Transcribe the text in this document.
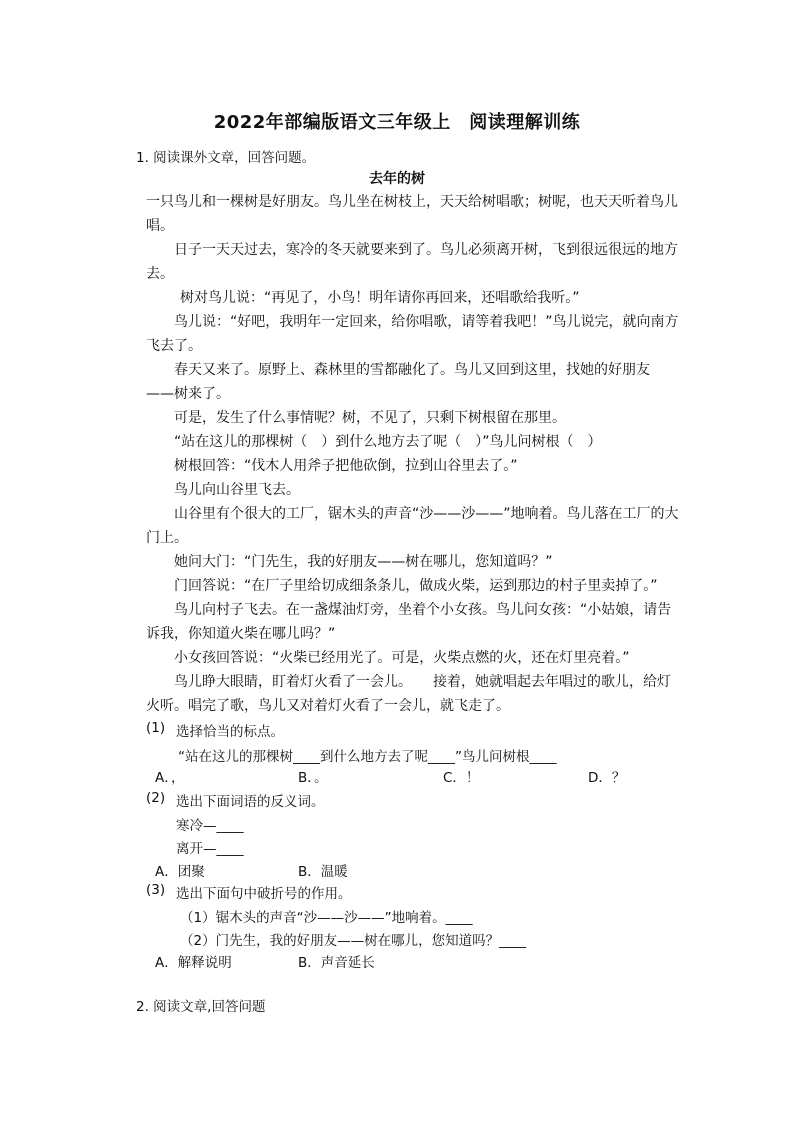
2022年部编版语文三年级上　阅读理解训练
1. 阅读课外文章，回答问题。
去年的树
一只鸟儿和一棵树是好朋友。鸟儿坐在树枝上，天天给树唱歌；树呢，也天天听着鸟儿
唱。
日子一天天过去，寒冷的冬天就要来到了。鸟儿必须离开树，飞到很远很远的地方
去。
树对鸟儿说：“再见了，小鸟！明年请你再回来，还唱歌给我听。”
鸟儿说：“好吧，我明年一定回来，给你唱歌，请等着我吧！”鸟儿说完，就向南方
飞去了。
春天又来了。原野上、森林里的雪都融化了。鸟儿又回到这里，找她的好朋友
——树来了。
可是，发生了什么事情呢？树，不见了，只剩下树根留在那里。
“站在这儿的那棵树（　）到什么地方去了呢（　）”鸟儿问树根（　）
树根回答：“伐木人用斧子把他砍倒，拉到山谷里去了。”
鸟儿向山谷里飞去。
山谷里有个很大的工厂，锯木头的声音“沙——沙——”地响着。鸟儿落在工厂的大
门上。
她问大门：“门先生，我的好朋友——树在哪儿，您知道吗？”
门回答说：“在厂子里给切成细条条儿，做成火柴，运到那边的村子里卖掉了。”
鸟儿向村子飞去。在一盏煤油灯旁，坐着个小女孩。鸟儿问女孩：“小姑娘，请告
诉我，你知道火柴在哪儿吗？”
小女孩回答说：“火柴已经用光了。可是，火柴点燃的火，还在灯里亮着。”
鸟儿睁大眼睛，盯着灯火看了一会儿。　　接着，她就唱起去年唱过的歌儿，给灯
火听。唱完了歌，鸟儿又对着灯火看了一会儿，就飞走了。
(1) 选择恰当的标点。
“站在这儿的那棵树____到什么地方去了呢____”鸟儿问树根____
A．，	B．。	C．！	D．？
(2) 选出下面词语的反义词。
寒冷—____
离开—____
A．团聚	B．温暖
(3) 选出下面句中破折号的作用。
（1）锯木头的声音“沙——沙——”地响着。____
（2）门先生，我的好朋友——树在哪儿，您知道吗？____
A．解释说明	B．声音延长
2. 阅读文章,回答问题
